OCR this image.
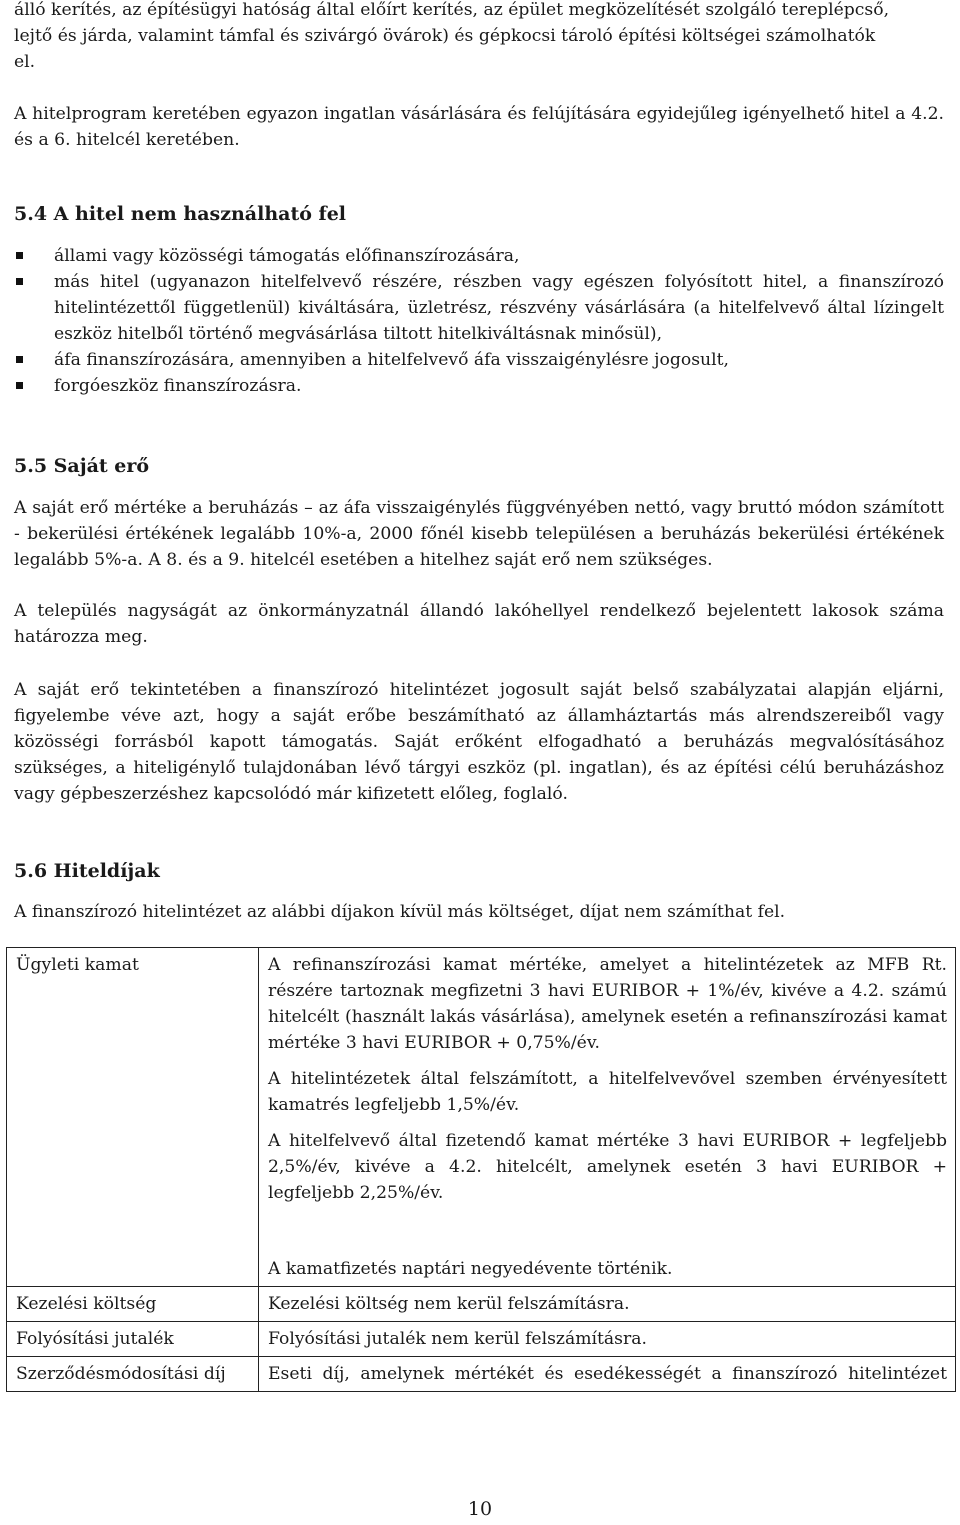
álló kerítés, az építésügyi hatóság által előírt kerítés, az épület megközelítését szolgáló tereplépcső,
lejtő és járda, valamint támfal és szivárgó övárok) és gépkocsi tároló építési költségei számolhatók
el.
A hitelprogram keretében egyazon ingatlan vásárlására és felújítására egyidejűleg igényelhető hitel a 4.2. és a 6. hitelcél keretében.
5.4 A hitel nem használható fel
állami vagy közösségi támogatás előfinanszírozására,
más hitel (ugyanazon hitelfelvevő részére, részben vagy egészen folyósított hitel, a finanszírozó hitelintézettől függetlenül) kiváltására, üzletrész, részvény vásárlására (a hitelfelvevő által lízingelt eszköz hitelből történő megvásárlása tiltott hitelkiváltásnak minősül),
áfa finanszírozására, amennyiben a hitelfelvevő áfa visszaigénylésre jogosult,
forgóeszköz finanszírozásra.
5.5 Saját erő
A saját erő mértéke a beruházás – az áfa visszaigénylés függvényében nettó, vagy bruttó módon számított - bekerülési értékének legalább 10%-a, 2000 főnél kisebb településen a beruházás bekerülési értékének legalább 5%-a. A 8. és a 9. hitelcél esetében a hitelhez saját erő nem szükséges.
A település nagyságát az önkormányzatnál állandó lakóhellyel rendelkező bejelentett lakosok száma határozza meg.
A saját erő tekintetében a finanszírozó hitelintézet jogosult saját belső szabályzatai alapján eljárni, figyelembe véve azt, hogy a saját erőbe beszámítható az államháztartás más alrendszereiből vagy közösségi forrásból kapott támogatás. Saját erőként elfogadható a beruházás megvalósításához szükséges, a hiteligénylő tulajdonában lévő tárgyi eszköz (pl. ingatlan), és az építési célú beruházáshoz vagy gépbeszerzéshez kapcsolódó már kifizetett előleg, foglaló.
5.6 Hiteldíjak
A finanszírozó hitelintézet az alábbi díjakon kívül más költséget, díjat nem számíthat fel.
Ügyleti kamat	A refinanszírozási kamat mértéke, amelyet a hitelintézetek az MFB Rt. részére tartoznak megfizetni 3 havi EURIBOR + 1%/év, kivéve a 4.2. számú hitelcélt (használt lakás vásárlása), amelynek esetén a refinanszírozási kamat mértéke 3 havi EURIBOR + 0,75%/év.

A hitelintézetek által felszámított, a hitelfelvevővel szemben érvényesített kamatrés legfeljebb 1,5%/év.

A hitelfelvevő által fizetendő kamat mértéke 3 havi EURIBOR + legfeljebb 2,5%/év, kivéve a 4.2. hitelcélt, amelynek esetén 3 havi EURIBOR + legfeljebb 2,25%/év.

A kamatfizetés naptári negyedévente történik.

Kezelési költség	Kezelési költség nem kerül felszámításra.
Folyósítási jutalék	Folyósítási jutalék nem kerül felszámításra.
Szerződésmódosítási díj	Eseti díj, amelynek mértékét és esedékességét a finanszírozó hitelintézet
10
